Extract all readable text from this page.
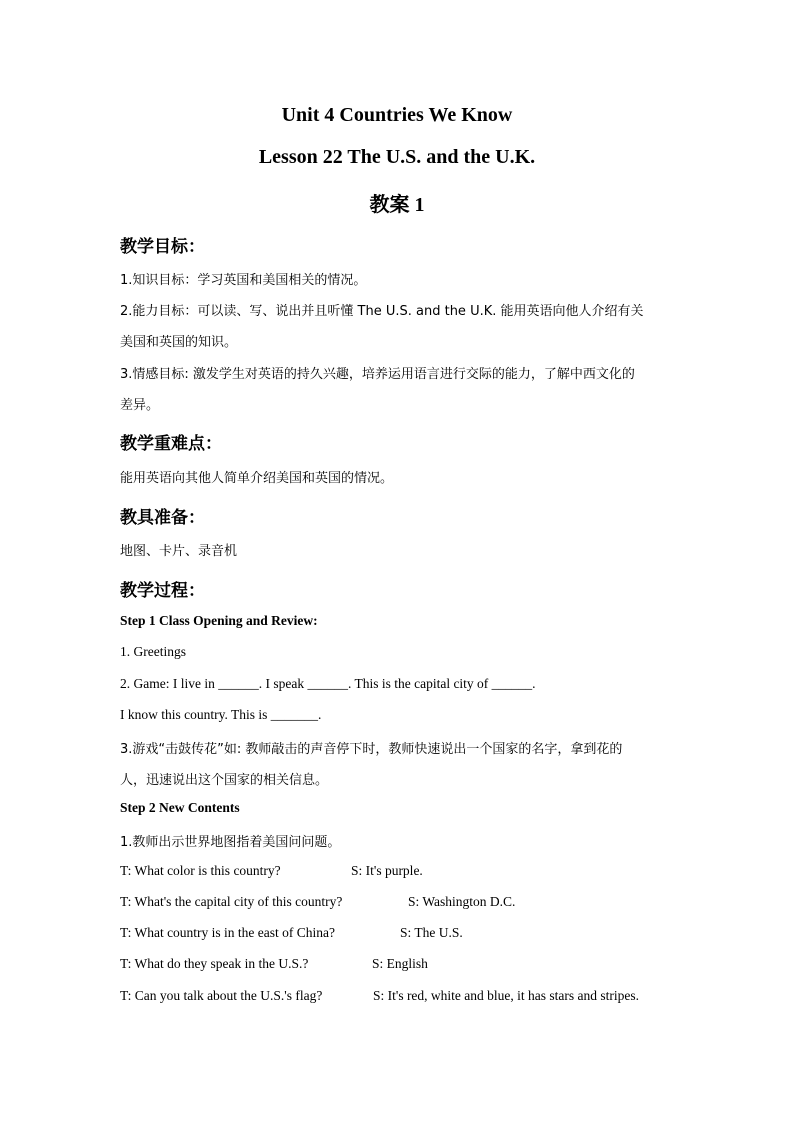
Unit 4 Countries We Know
Lesson 22 The U.S. and the U.K.
教案 1
教学目标：
1.知识目标：学习英国和美国相关的情况。
2.能力目标：可以读、写、说出并且听懂 The U.S. and the U.K. 能用英语向他人介绍有关
美国和英国的知识。
3.情感目标: 激发学生对英语的持久兴趣，培养运用语言进行交际的能力，了解中西文化的
差异。
教学重难点：
能用英语向其他人简单介绍美国和英国的情况。
教具准备：
地图、卡片、录音机
教学过程：
Step 1 Class Opening and Review:
1. Greetings
2. Game: I live in ______. I speak ______. This is the capital city of ______.
I know this country. This is _______.
3.游戏“击鼓传花”如: 教师敲击的声音停下时，教师快速说出一个国家的名字，拿到花的
人，迅速说出这个国家的相关信息。
Step 2 New Contents
1.教师出示世界地图指着美国问问题。
T: What color is this country?	S: It's purple.
T: What's the capital city of this country?	S: Washington D.C.
T: What country is in the east of China?	S: The U.S.
T: What do they speak in the U.S.?	S: English
T: Can you talk about the U.S.'s flag?	S: It's red, white and blue, it has stars and stripes.
